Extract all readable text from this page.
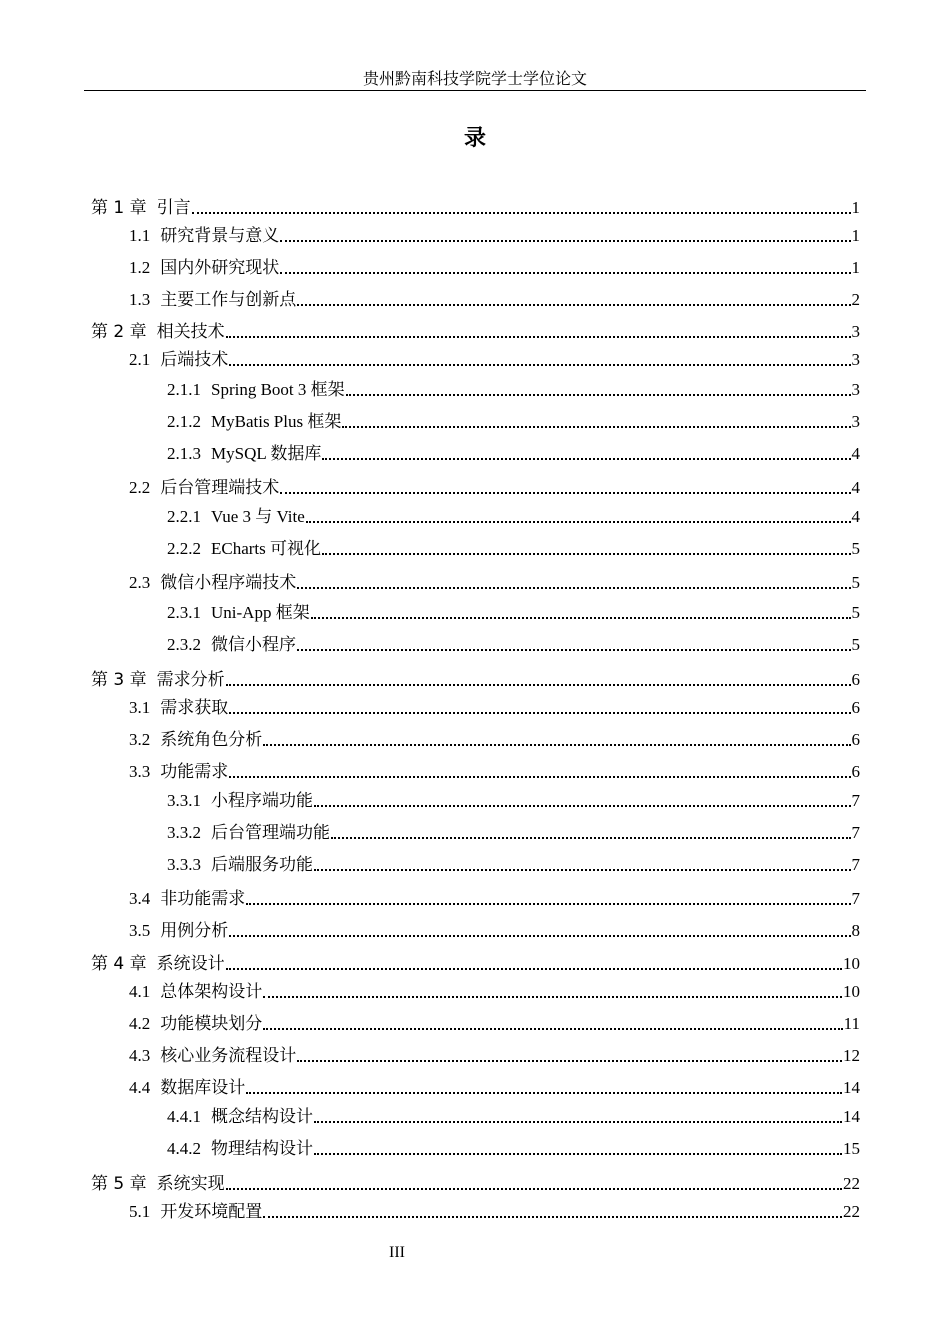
贵州黔南科技学院学士学位论文
录
第 1 章 引言	1
1.1 研究背景与意义	1
1.2 国内外研究现状	1
1.3 主要工作与创新点	2
第 2 章 相关技术	3
2.1 后端技术	3
2.1.1 Spring Boot 3 框架	3
2.1.2 MyBatis Plus 框架	3
2.1.3 MySQL 数据库	4
2.2 后台管理端技术	4
2.2.1 Vue 3 与 Vite	4
2.2.2 ECharts 可视化	5
2.3 微信小程序端技术	5
2.3.1 Uni-App 框架	5
2.3.2 微信小程序	5
第 3 章 需求分析	6
3.1 需求获取	6
3.2 系统角色分析	6
3.3 功能需求	6
3.3.1 小程序端功能	7
3.3.2 后台管理端功能	7
3.3.3 后端服务功能	7
3.4 非功能需求	7
3.5 用例分析	8
第 4 章 系统设计	10
4.1 总体架构设计	10
4.2 功能模块划分	11
4.3 核心业务流程设计	12
4.4 数据库设计	14
4.4.1 概念结构设计	14
4.4.2 物理结构设计	15
第 5 章 系统实现	22
5.1 开发环境配置	22
III
